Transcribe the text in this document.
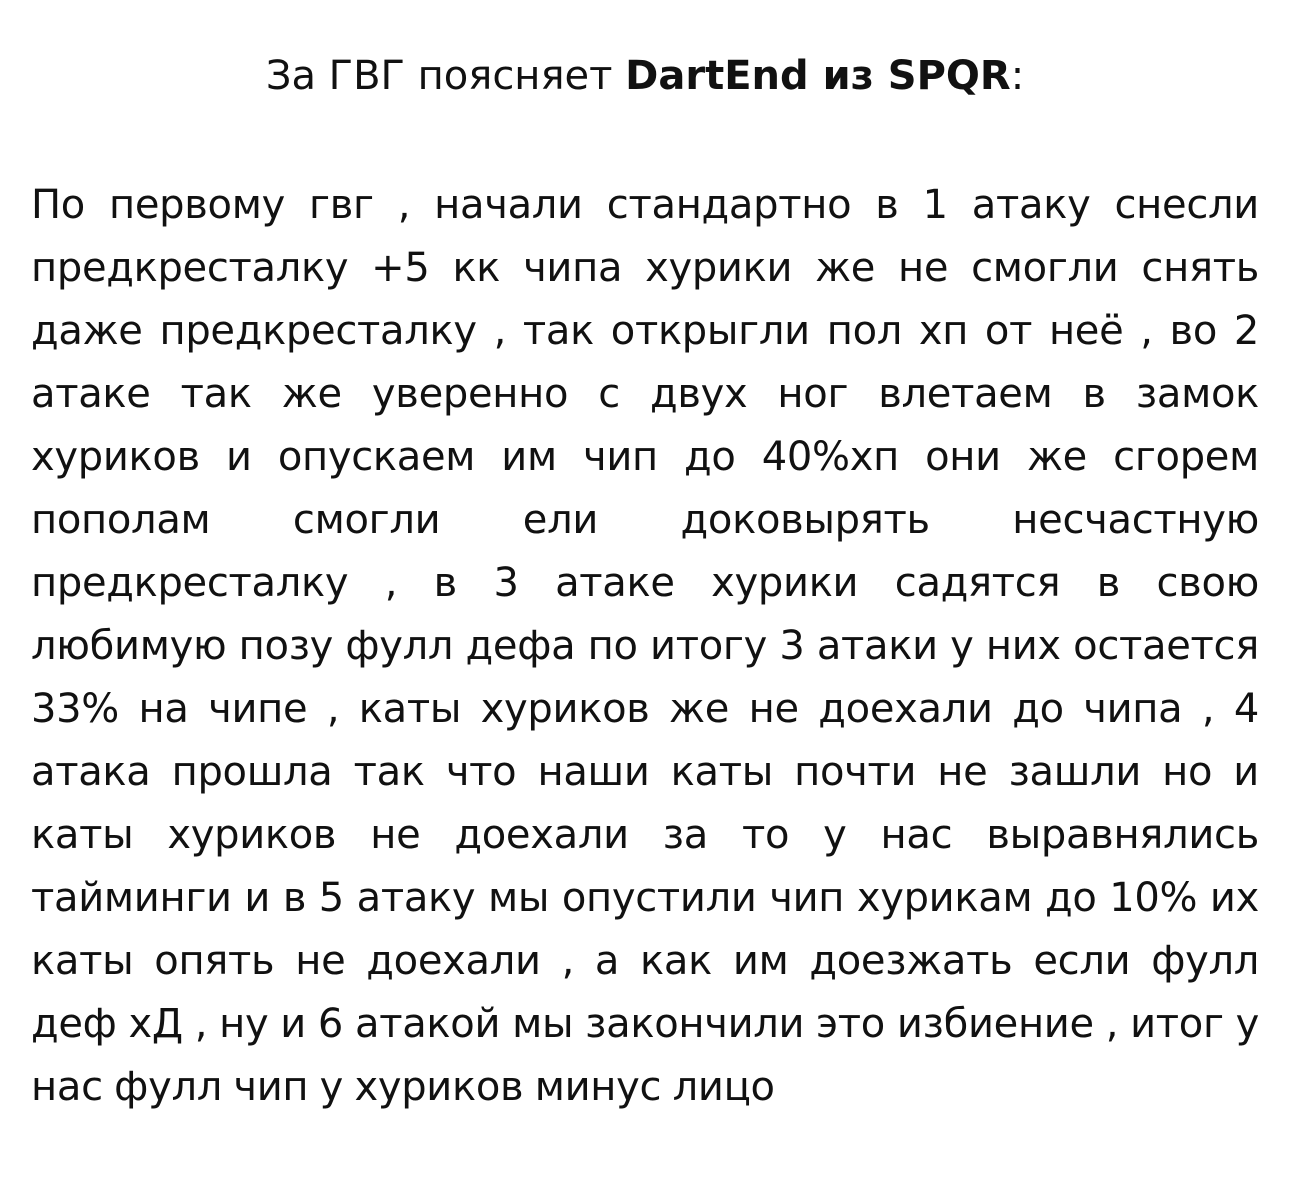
За ГВГ поясняет DartEnd из SPQR:

По первому гвг , начали стандартно в 1 атаку снесли предкресталку +5 кк чипа хурики же не смогли снять даже предкресталку , так открыгли пол хп от неё , во 2 атаке так же уверенно с двух ног влетаем в замок хуриков и опускаем им чип до 40%хп они же сгорем пополам смогли ели доковырять несчастную предкресталку , в 3 атаке хурики садятся в свою любимую позу фулл дефа по итогу 3 атаки у них остается 33% на чипе , каты хуриков же не доехали до чипа , 4 атака прошла так что наши каты почти не зашли но и каты хуриков не доехали за то у нас выравнялись тайминги и в 5 атаку мы опустили чип хурикам до 10% их каты опять не доехали , а как им доезжать если фулл деф хД , ну и 6 атакой мы закончили это избиение , итог у нас фулл чип у хуриков минус лицо
